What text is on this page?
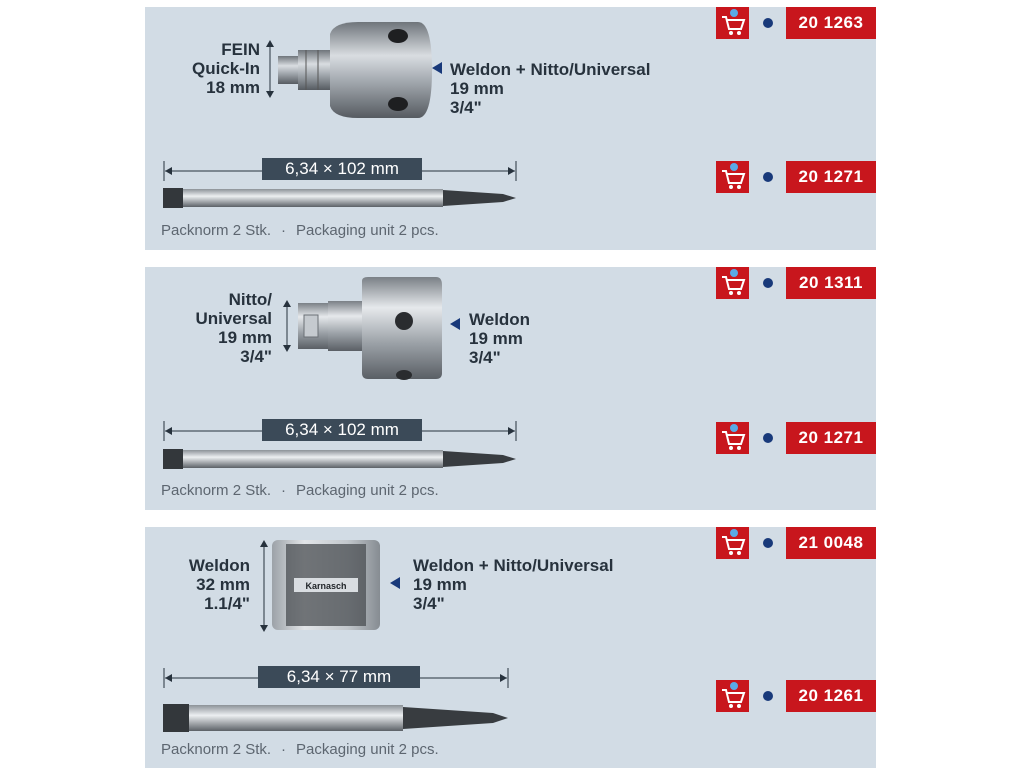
FEIN
Quick-In
18 mm
Weldon + Nitto/Universal
19 mm
3/4"
20 1263
6,34 × 102 mm	20 1271
Packnorm 2 Stk. · Packaging unit 2 pcs.
Nitto/
Universal
19 mm
3/4"
Weldon
19 mm
3/4"
20 1311
6,34 × 102 mm	20 1271
Packnorm 2 Stk. · Packaging unit 2 pcs.
Weldon
32 mm
1.1/4"
Karnasch
Weldon + Nitto/Universal
19 mm
3/4"
21 0048
6,34 × 77 mm
20 1261
Packnorm 2 Stk. · Packaging unit 2 pcs.
